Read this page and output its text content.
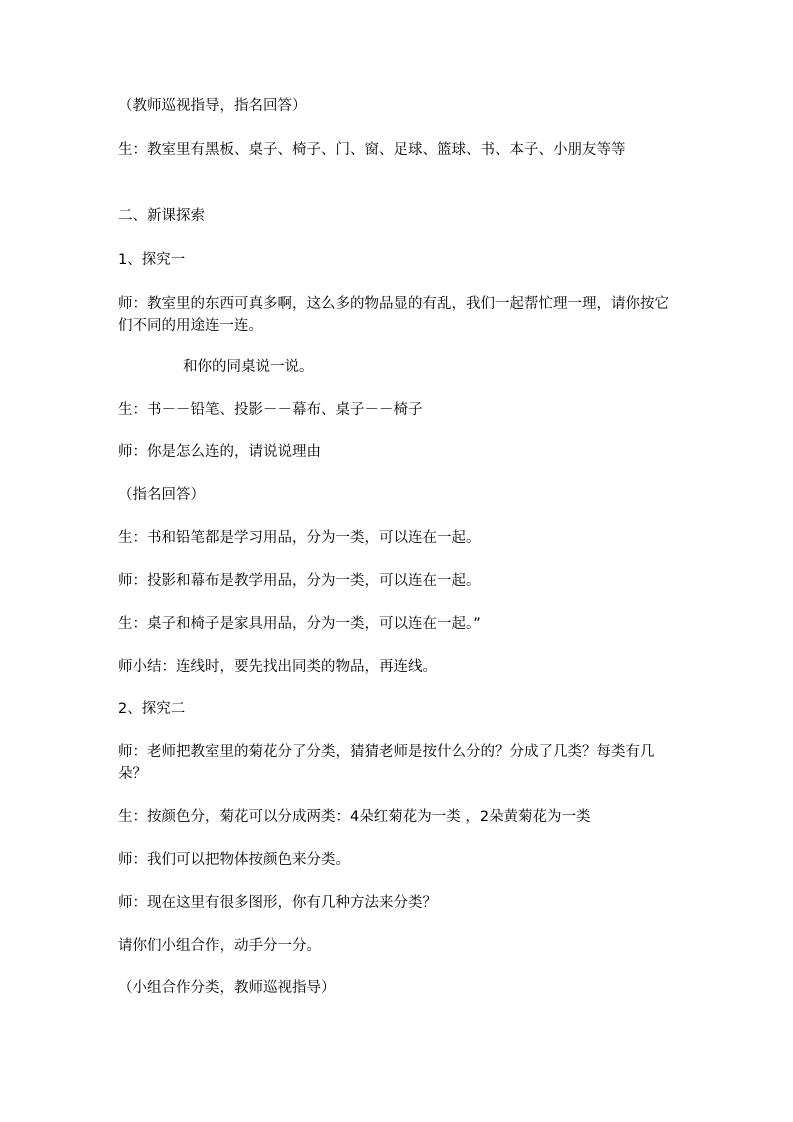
（教师巡视指导，指名回答）
生：教室里有黑板、桌子、椅子、门、窗、足球、篮球、书、本子、小朋友等等
二、新课探索
1、探究一
师：教室里的东西可真多啊，这么多的物品显的有乱，我们一起帮忙理一理，请你按它们不同的用途连一连。
和你的同桌说一说。
生：书－－铅笔、投影－－幕布、桌子－－椅子
师：你是怎么连的，请说说理由
（指名回答）
生：书和铅笔都是学习用品，分为一类，可以连在一起。
师：投影和幕布是教学用品，分为一类，可以连在一起。
生：桌子和椅子是家具用品，分为一类，可以连在一起。”
师小结：连线时，要先找出同类的物品，再连线。
2、探究二
师：老师把教室里的菊花分了分类，猜猜老师是按什么分的？分成了几类？每类有几朵？
生：按颜色分，菊花可以分成两类：4朵红菊花为一类 ，2朵黄菊花为一类
师：我们可以把物体按颜色来分类。
师：现在这里有很多图形，你有几种方法来分类？
请你们小组合作，动手分一分。
（小组合作分类，教师巡视指导）
